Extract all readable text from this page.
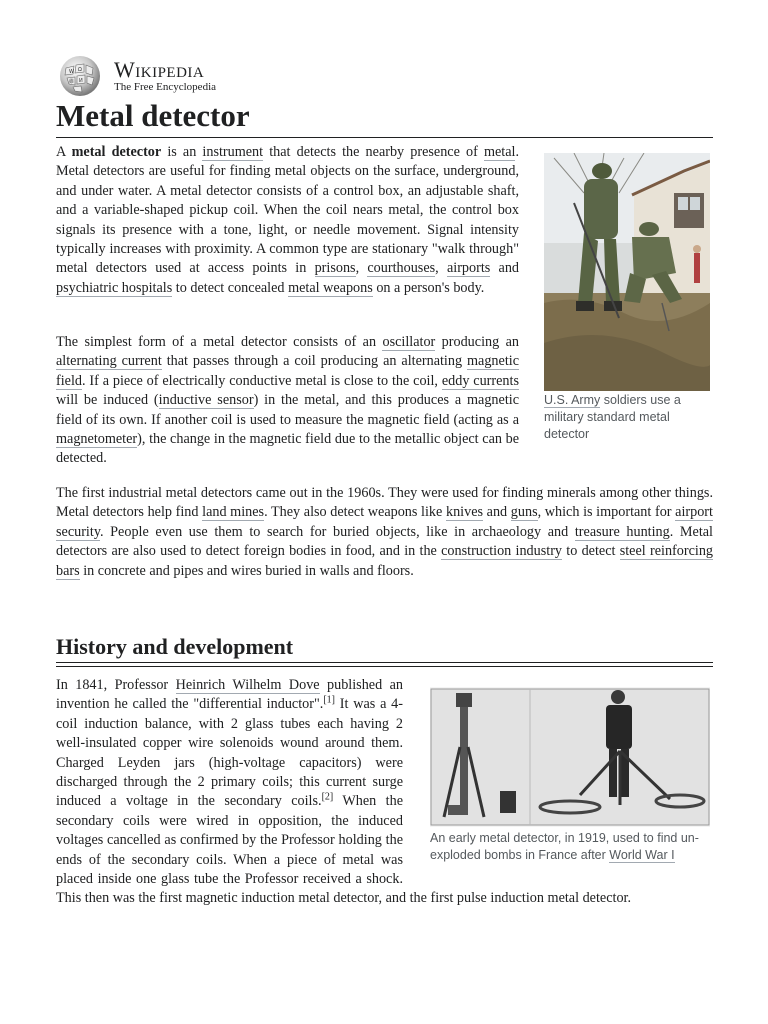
W Ω
И
維 Wikipedia
The Free Encyclopedia
Metal detector
U.S. Army soldiers use a military standard metal detector

A metal detector is an instrument that detects the nearby presence of metal. Metal detectors are useful for finding metal objects on the surface, underground, and under water. A metal detector consists of a control box, an adjustable shaft, and a variable-shaped pickup coil. When the coil nears metal, the control box signals its presence with a tone, light, or needle movement. Signal intensity typically increases with proximity. A common type are stationary "walk through" metal detectors used at access points in prisons, courthouses, airports and psychiatric hospitals to detect concealed metal weapons on a person's body.

The simplest form of a metal detector consists of an oscillator producing an alternating current that passes through a coil producing an alternating magnetic field. If a piece of electrically conductive metal is close to the coil, eddy currents will be induced (inductive sensor) in the metal, and this produces a magnetic field of its own. If another coil is used to measure the magnetic field (acting as a magnetometer), the change in the magnetic field due to the metallic object can be detected.

The first industrial metal detectors came out in the 1960s. They were used for finding minerals among other things. Metal detectors help find land mines. They also detect weapons like knives and guns, which is important for airport security. People even use them to search for buried objects, like in archaeology and treasure hunting. Metal detectors are also used to detect foreign bodies in food, and in the construction industry to detect steel reinforcing bars in concrete and pipes and wires buried in walls and floors.

History and development
An early metal detector, in 1919, used to find un-exploded bombs in France after World War I

In 1841, Professor Heinrich Wilhelm Dove published an invention he called the "differential inductor".[1] It was a 4-coil induction balance, with 2 glass tubes each having 2 well-insulated copper wire solenoids wound around them. Charged Leyden jars (high-voltage capacitors) were discharged through the 2 primary coils; this current surge induced a voltage in the secondary coils.[2] When the secondary coils were wired in opposition, the induced voltages cancelled as confirmed by the Professor holding the ends of the secondary coils. When a piece of metal was placed inside one glass tube the Professor received a shock. This then was the first magnetic induction metal detector, and the first pulse induction metal detector.
